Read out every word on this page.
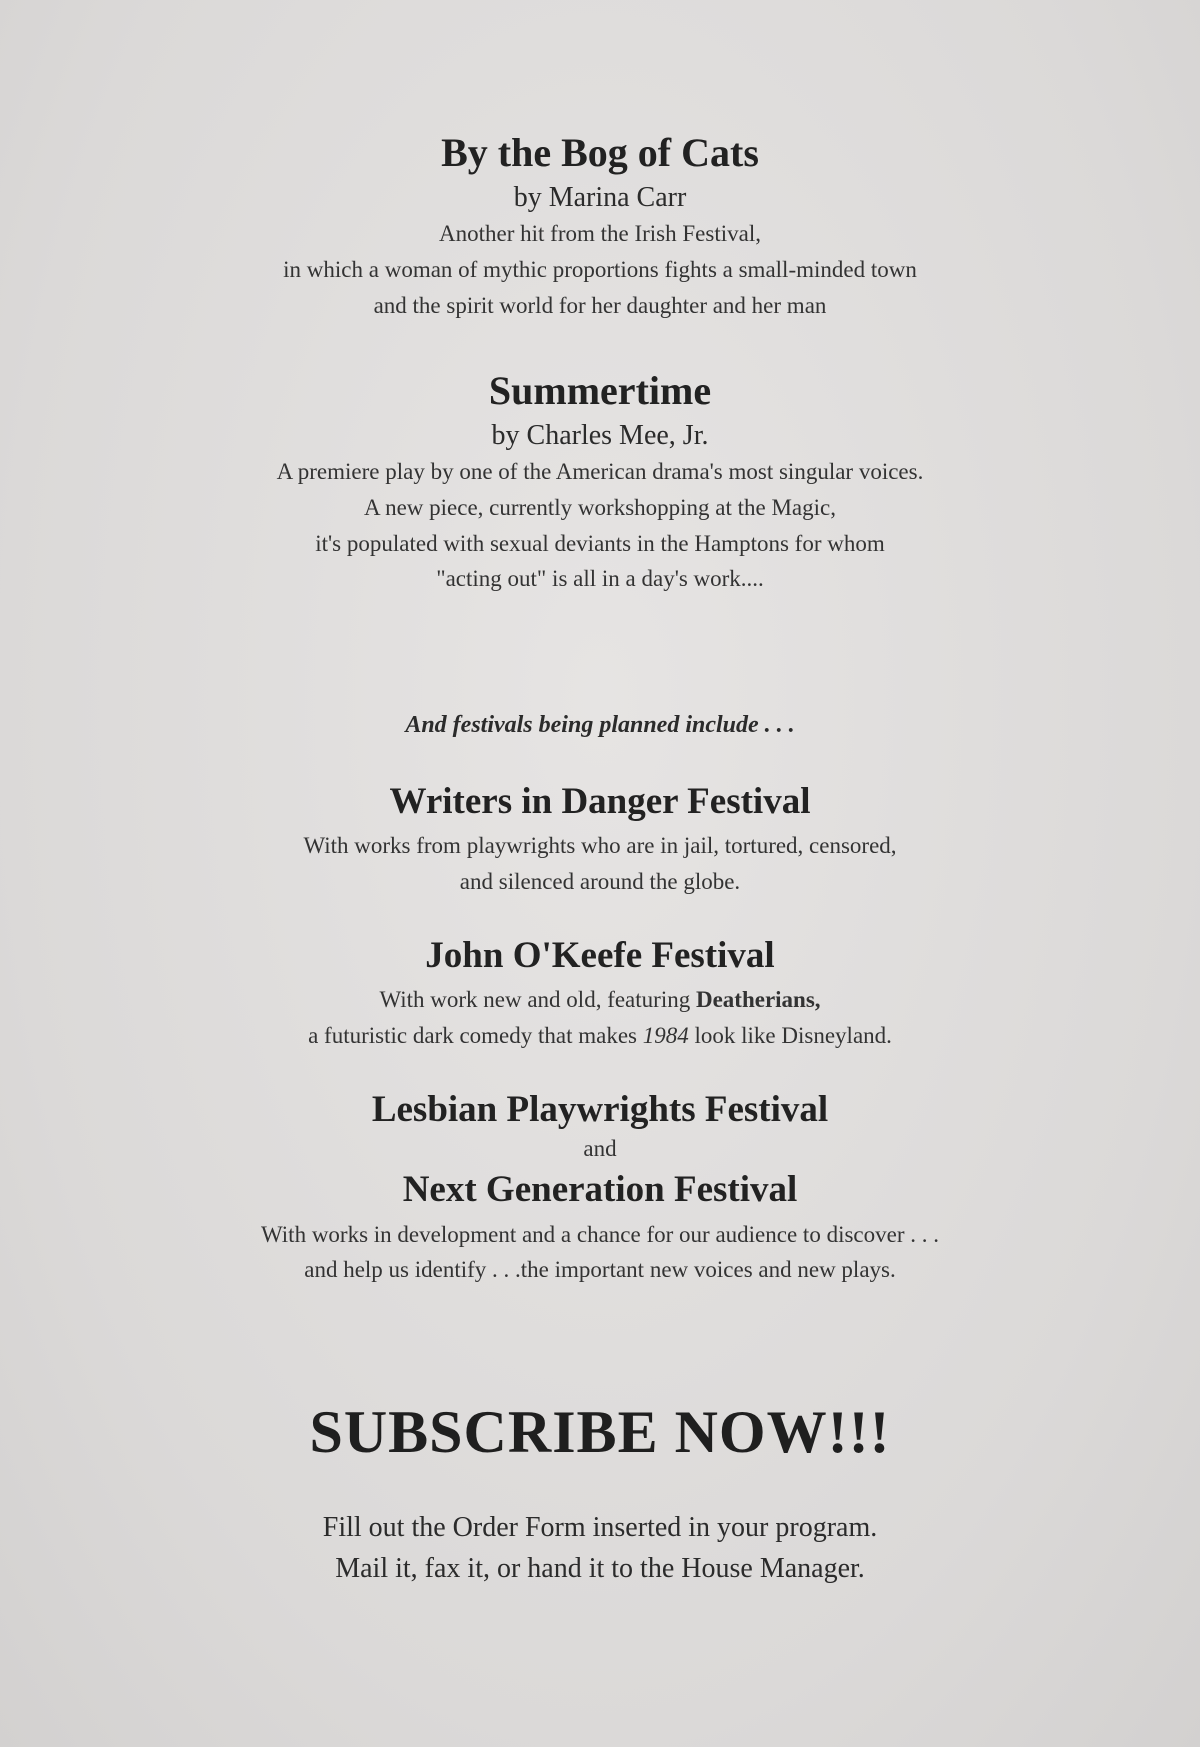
By the Bog of Cats

by Marina Carr

Another hit from the Irish Festival,

in which a woman of mythic proportions fights a small-minded town

and the spirit world for her daughter and her man

Summertime

by Charles Mee, Jr.

A premiere play by one of the American drama's most singular voices.

A new piece, currently workshopping at the Magic,

it's populated with sexual deviants in the Hamptons for whom

"acting out" is all in a day's work....

And festivals being planned include . . .

Writers in Danger Festival

With works from playwrights who are in jail, tortured, censored,

and silenced around the globe.

John O'Keefe Festival

With work new and old, featuring Deatherians,

a futuristic dark comedy that makes 1984 look like Disneyland.

Lesbian Playwrights Festival

and

Next Generation Festival

With works in development and a chance for our audience to discover . . .

and help us identify . . .the important new voices and new plays.

SUBSCRIBE NOW!!!

Fill out the Order Form inserted in your program.

Mail it, fax it, or hand it to the House Manager.
